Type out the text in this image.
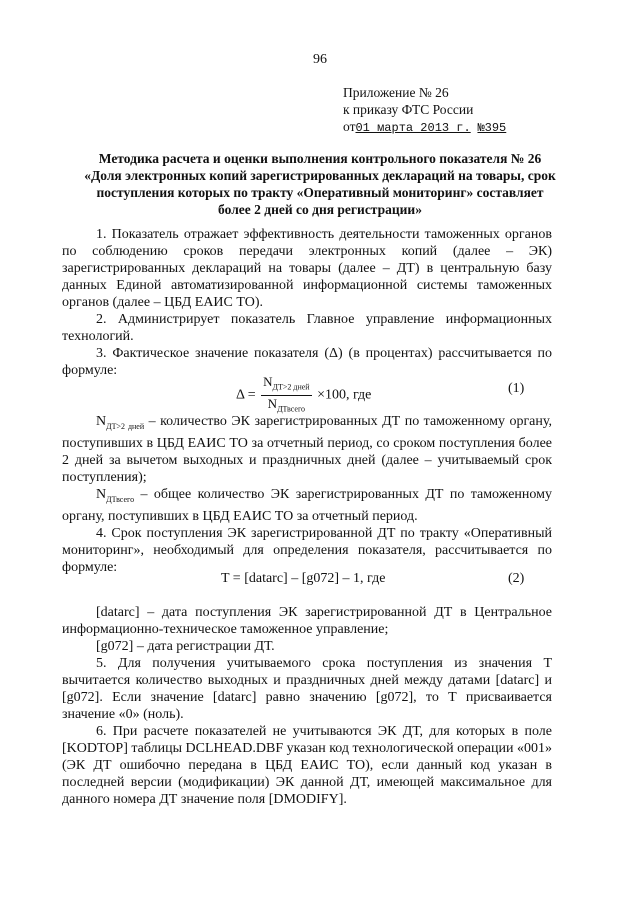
96
Приложение № 26
к приказу ФТС России
от01 марта 2013 г. №395
Методика расчета и оценки выполнения контрольного показателя № 26
«Доля электронных копий зарегистрированных деклараций на товары, срок
поступления которых по тракту «Оперативный мониторинг» составляет
более 2 дней со дня регистрации»

1. Показатель отражает эффективность деятельности таможенных органов по соблюдению сроков передачи электронных копий (далее – ЭК) зарегистрированных деклараций на товары (далее – ДТ) в центральную базу данных Единой автоматизированной информационной системы таможенных органов (далее – ЦБД ЕАИС ТО).

2. Администрирует показатель Главное управление информационных технологий.

3. Фактическое значение показателя (Δ) (в процентах) рассчитывается по формуле:

$\Delta = \frac{N_{ДТ>2 дней}}{N_{ДТвсего}} \times 100$, где	(1)

$N_{ДТ>2 дней}$ – количество ЭК зарегистрированных ДТ по таможенному органу, поступивших в ЦБД ЕАИС ТО за отчетный период, со сроком поступления более 2 дней за вычетом выходных и праздничных дней (далее – учитываемый срок поступления);

$N_{ДТвсего}$ – общее количество ЭК зарегистрированных ДТ по таможенному органу, поступивших в ЦБД ЕАИС ТО за отчетный период.

4. Срок поступления ЭК зарегистрированной ДТ по тракту «Оперативный мониторинг», необходимый для определения показателя, рассчитывается по формуле:

T = [datarc] – [g072] – 1, где	(2)

[datarc] – дата поступления ЭК зарегистрированной ДТ в Центральное информационно-техническое таможенное управление;

[g072] – дата регистрации ДТ.

5. Для получения учитываемого срока поступления из значения Т вычитается количество выходных и праздничных дней между датами [datarc] и [g072]. Если значение [datarc] равно значению [g072], то Т присваивается значение «0» (ноль).

6. При расчете показателей не учитываются ЭК ДТ, для которых в поле [KODTOP] таблицы DCLHEAD.DBF указан код технологической операции «001» (ЭК ДТ ошибочно передана в ЦБД ЕАИС ТО), если данный код указан в последней версии (модификации) ЭК данной ДТ, имеющей максимальное для данного номера ДТ значение поля [DMODIFY].
